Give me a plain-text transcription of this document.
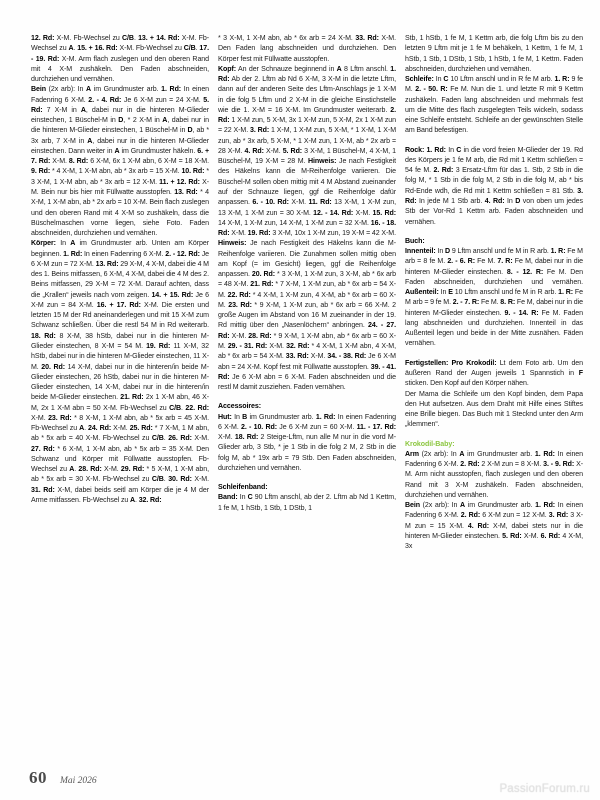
12. Rd: X-M. Fb-Wechsel zu C/B. 13. + 14. Rd: X-M. Fb-Wechsel zu A. 15. + 16. Rd: X-M. Fb-Wechsel zu C/B. 17. - 19. Rd: X-M. Arm flach zuslegen und den oberen Rand mit 4 X-M zushäkeln. Den Faden abschneiden, durchziehen und vernähen.

Bein (2x arb): In A im Grundmuster arb. 1. Rd: In einen Fadenring 6 X-M. 2. - 4. Rd: Je 6 X-M zun = 24 X-M. 5. Rd: 7 X-M in A, dabei nur in die hinteren M-Glieder einstechen, 1 Büschel-M in D, * 2 X-M in A, dabei nur in die hinteren M-Glieder einstechen, 1 Büschel-M in D, ab * 3x arb, 7 X-M in A, dabei nur in die hinteren M-Glieder einstechen. Dann weiter in A im Grundmuster häkeln. 6. + 7. Rd: X-M. 8. Rd: 6 X-M, 6x 1 X-M abn, 6 X-M = 18 X-M. 9. Rd: * 4 X-M, 1 X-M abn, ab * 3x arb = 15 X-M. 10. Rd: * 3 X-M, 1 X-M abn, ab * 3x arb = 12 X-M. 11. + 12. Rd: X-M. Bein nur bis hier mit Füllwatte ausstopfen. 13. Rd: * 4 X-M, 1 X-M abn, ab * 2x arb = 10 X-M. Bein flach zuslegen und den oberen Rand mit 4 X-M so zushäkeln, dass die Büschelmaschen vorne liegen, siehe Foto. Faden abschneiden, durchziehen und vernähen.

Körper: In A im Grundmuster arb. Unten am Körper beginnen. 1. Rd: In einen Fadenring 6 X-M. 2. - 12. Rd: Je 6 X-M zun = 72 X-M. 13. Rd: 29 X-M, 4 X-M, dabei die 4 M des 1. Beins mitfassen, 6 X-M, 4 X-M, dabei die 4 M des 2. Beins mitfassen, 29 X-M = 72 X-M. Darauf achten, dass die „Krallen“ jeweils nach vorn zeigen. 14. + 15. Rd: Je 6 X-M zun = 84 X-M. 16. + 17. Rd: X-M. Die ersten und letzten 15 M der Rd aneinanderlegen und mit 15 X-M zum Schwanz schließen. Über die restl 54 M in Rd weiterarb. 18. Rd: 8 X-M, 38 hStb, dabei nur in die hinteren M-Glieder einstechen, 8 X-M = 54 M. 19. Rd: 11 X-M, 32 hStb, dabei nur in die hinteren M-Glieder einstechen, 11 X-M. 20. Rd: 14 X-M, dabei nur in die hinteren/in beide M-Glieder einstechen, 26 hStb, dabei nur in die hinteren M-Glieder einstechen, 14 X-M, dabei nur in die hinteren/in beide M-Glieder einstechen. 21. Rd: 2x 1 X-M abn, 46 X-M, 2x 1 X-M abn = 50 X-M. Fb-Wechsel zu C/B. 22. Rd: X-M. 23. Rd: * 8 X-M, 1 X-M abn, ab * 5x arb = 45 X-M. Fb-Wechsel zu A. 24. Rd: X-M. 25. Rd: * 7 X-M, 1 M abn, ab * 5x arb = 40 X-M. Fb-Wechsel zu C/B. 26. Rd: X-M. 27. Rd: * 6 X-M, 1 X-M abn, ab * 5x arb = 35 X-M. Den Schwanz und Körper mit Füllwatte ausstopfen. Fb-Wechsel zu A. 28. Rd: X-M. 29. Rd: * 5 X-M, 1 X-M abn, ab * 5x arb = 30 X-M. Fb-Wechsel zu C/B. 30. Rd: X-M. 31. Rd: X-M, dabei beids seitl am Körper die je 4 M der Arme mitfassen. Fb-Wechsel zu A. 32. Rd:

* 3 X-M, 1 X-M abn, ab * 6x arb = 24 X-M. 33. Rd: X-M. Den Faden lang abschneiden und durchziehen. Den Körper fest mit Füllwatte ausstopfen.

Kopf: An der Schnauze beginnend in A 8 Lftm anschl. 1. Rd: Ab der 2. Lftm ab Nd 6 X-M, 3 X-M in die letzte Lftm, dann auf der anderen Seite des Lftm-Anschlags je 1 X-M in die folg 5 Lftm und 2 X-M in die gleiche Einstichstelle wie die 1. X-M = 16 X-M. Im Grundmuster weiterarb. 2. Rd: 1 X-M zun, 5 X-M, 3x 1 X-M zun, 5 X-M, 2x 1 X-M zun = 22 X-M. 3. Rd: 1 X-M, 1 X-M zun, 5 X-M, * 1 X-M, 1 X-M zun, ab * 3x arb, 5 X-M, * 1 X-M zun, 1 X-M, ab * 2x arb = 28 X-M. 4. Rd: X-M. 5. Rd: 3 X-M, 1 Büschel-M, 4 X-M, 1 Büschel-M, 19 X-M = 28 M. Hinweis: Je nach Festigkeit des Häkelns kann die M-Reihenfolge variieren. Die Büschel-M sollen oben mittig mit 4 M Abstand zueinander auf der Schnauze liegen, ggf die Reihenfolge dafür anpassen. 6. - 10. Rd: X-M. 11. Rd: 13 X-M, 1 X-M zun, 13 X-M, 1 X-M zun = 30 X-M. 12. - 14. Rd: X-M. 15. Rd: 14 X-M, 1 X-M zun, 14 X-M, 1 X-M zun = 32 X-M. 16. - 18. Rd: X-M. 19. Rd: 3 X-M, 10x 1 X-M zun, 19 X-M = 42 X-M. Hinweis: Je nach Festigkeit des Häkelns kann die M-Reihenfolge variieren. Die Zunahmen sollen mittig oben am Kopf (= im Gesicht) liegen, ggf die Reihenfolge anpassen. 20. Rd: * 3 X-M, 1 X-M zun, 3 X-M, ab * 6x arb = 48 X-M. 21. Rd: * 7 X-M, 1 X-M zun, ab * 6x arb = 54 X-M. 22. Rd: * 4 X-M, 1 X-M zun, 4 X-M, ab * 6x arb = 60 X-M. 23. Rd: * 9 X-M, 1 X-M zun, ab * 6x arb = 66 X-M. 2 große Augen im Abstand von 16 M zueinander in der 19. Rd mittig über den „Nasenlöchern“ anbringen. 24. - 27. Rd: X-M. 28. Rd: * 9 X-M, 1 X-M abn, ab * 6x arb = 60 X-M. 29. - 31. Rd: X-M. 32. Rd: * 4 X-M, 1 X-M abn, 4 X-M, ab * 6x arb = 54 X-M. 33. Rd: X-M. 34. - 38. Rd: Je 6 X-M abn = 24 X-M. Kopf fest mit Füllwatte ausstopfen. 39. - 41. Rd: Je 6 X-M abn = 6 X-M. Faden abschneiden und die restl M damit zusziehen. Faden vernähen.

Accessoires:

Hut: In B im Grundmuster arb. 1. Rd: In einen Fadenring 6 X-M. 2. - 10. Rd: Je 6 X-M zun = 60 X-M. 11. - 17. Rd: X-M. 18. Rd: 2 Steige-Lftm, nun alle M nur in die vord M-Glieder arb, 3 Stb, * je 1 Stb in die folg 2 M, 2 Stb in die folg M, ab * 19x arb = 79 Stb. Den Faden abschneiden, durchziehen und vernähen.

Schleifenband:

Band: In C 90 Lftm anschl, ab der 2. Lftm ab Nd 1 Kettm, 1 fe M, 1 hStb, 1 Stb, 1 DStb, 1

Stb, 1 hStb, 1 fe M, 1 Kettm arb, die folg Lftm bis zu den letzten 9 Lftm mit je 1 fe M behäkeln, 1 Kettm, 1 fe M, 1 hStb, 1 Stb, 1 DStb, 1 Stb, 1 hStb, 1 fe M, 1 Kettm. Faden abschneiden, durchziehen und vernähen.

Schleife: In C 10 Lftm anschl und in R fe M arb. 1. R: 9 fe M. 2. - 50. R: Fe M. Nun die 1. und letzte R mit 9 Kettm zushäkeln. Faden lang abschneiden und mehrmals fest um die Mitte des flach zusgelegten Teils wickeln, sodass eine Schleife entsteht. Schleife an der gewünschten Stelle am Band befestigen.

Rock: 1. Rd: In C in die vord freien M-Glieder der 19. Rd des Körpers je 1 fe M arb, die Rd mit 1 Kettm schließen = 54 fe M. 2. Rd: 3 Ersatz-Lftm für das 1. Stb, 2 Stb in die folg M, * 1 Stb in die folg M, 2 Stb in die folg M, ab * bis Rd-Ende wdh, die Rd mit 1 Kettm schließen = 81 Stb. 3. Rd: In jede M 1 Stb arb. 4. Rd: In D von oben um jedes Stb der Vor-Rd 1 Kettm arb. Faden abschneiden und vernähen.

Buch:

Innenteil: In D 9 Lftm anschl und fe M in R arb. 1. R: Fe M arb = 8 fe M. 2. - 6. R: Fe M. 7. R: Fe M, dabei nur in die hinteren M-Glieder einstechen. 8. - 12. R: Fe M. Den Faden abschneiden, durchziehen und vernähen. Außenteil: In E 10 Lftm anschl und fe M in R arb. 1. R: Fe M arb = 9 fe M. 2. - 7. R: Fe M. 8. R: Fe M, dabei nur in die hinteren M-Glieder einstechen. 9. - 14. R: Fe M. Faden lang abschneiden und durchziehen. Innenteil in das Außenteil legen und beide in der Mitte zusnähen. Fäden vernähen.

Fertigstellen: Pro Krokodil: Lt dem Foto arb. Um den äußeren Rand der Augen jeweils 1 Spannstich in F sticken. Den Kopf auf den Körper nähen.

Der Mama die Schleife um den Kopf binden, dem Papa den Hut aufsetzen. Aus dem Draht mit Hilfe eines Stiftes eine Brille biegen. Das Buch mit 1 Stecknd unter den Arm „klemmen“.

Krokodil-Baby:

Arm (2x arb): In A im Grundmuster arb. 1. Rd: In einen Fadenring 6 X-M. 2. Rd: 2 X-M zun = 8 X-M. 3. - 9. Rd: X-M. Arm nicht ausstopfen, flach zuslegen und den oberen Rand mit 3 X-M zushäkeln. Faden abschneiden, durchziehen und vernähen.

Bein (2x arb): In A im Grundmuster arb. 1. Rd: In einen Fadenring 6 X-M. 2. Rd: 6 X-M zun = 12 X-M. 3. Rd: 3 X-M zun = 15 X-M. 4. Rd: X-M, dabei stets nur in die hinteren M-Glieder einstechen. 5. Rd: X-M. 6. Rd: 4 X-M, 3x

60 Mai 2026
PassionForum.ru
